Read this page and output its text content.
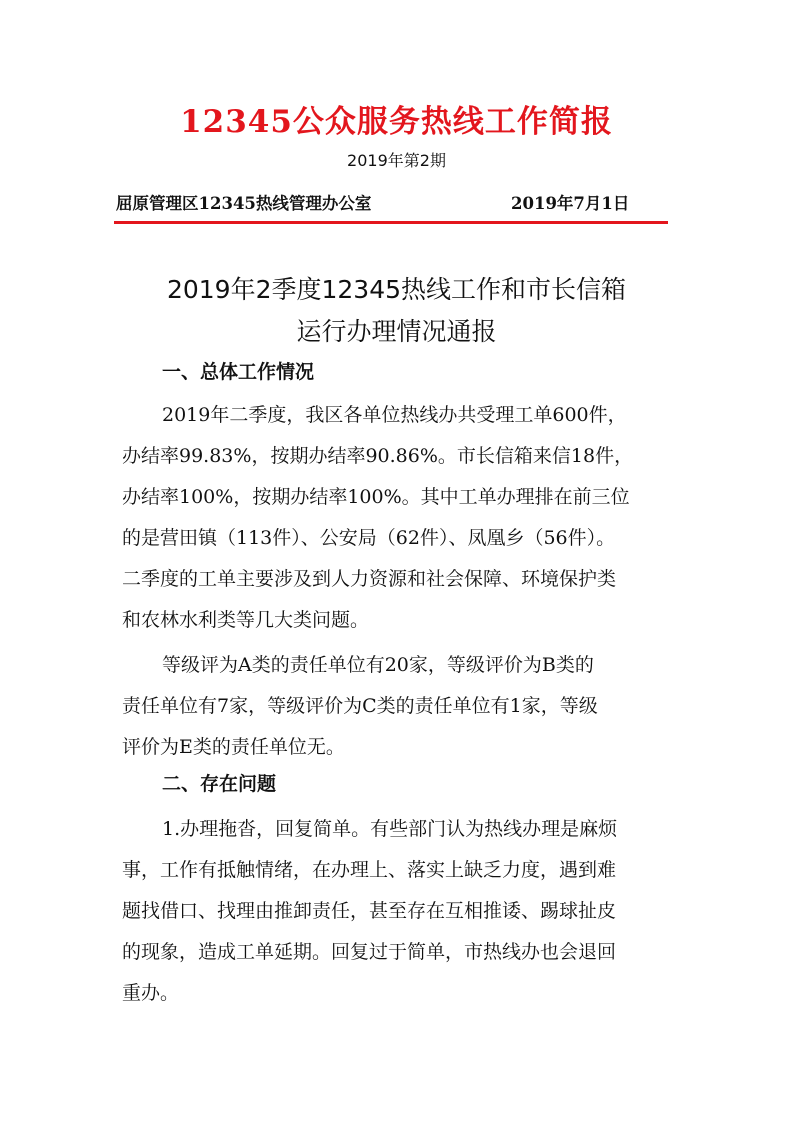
12345公众服务热线工作简报
2019年第2期
屈原管理区12345热线管理办公室	2019年7月1日
2019年2季度12345热线工作和市长信箱
运行办理情况通报
一、总体工作情况
2019年二季度，我区各单位热线办共受理工单600件，
办结率99.83%，按期办结率90.86%。市长信箱来信18件，
办结率100%，按期办结率100%。其中工单办理排在前三位
的是营田镇（113件）、公安局（62件）、凤凰乡（56件）。
二季度的工单主要涉及到人力资源和社会保障、环境保护类
和农林水利类等几大类问题。
等级评为A类的责任单位有20家，等级评价为B类的
责任单位有7家，等级评价为C类的责任单位有1家，等级
评价为E类的责任单位无。
二、存在问题
1.办理拖沓，回复简单。有些部门认为热线办理是麻烦
事，工作有抵触情绪，在办理上、落实上缺乏力度，遇到难
题找借口、找理由推卸责任，甚至存在互相推诿、踢球扯皮
的现象，造成工单延期。回复过于简单，市热线办也会退回
重办。
